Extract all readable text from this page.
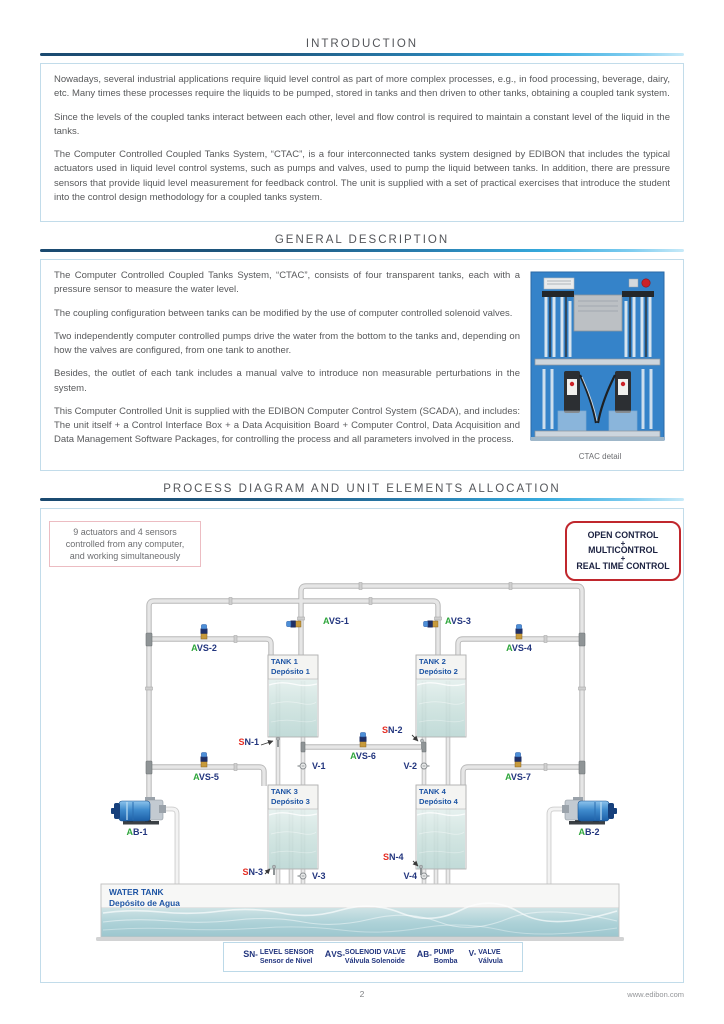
INTRODUCTION

Nowadays, several industrial applications require liquid level control as part of more complex processes, e.g., in food processing, beverage, dairy, etc. Many times these processes require the liquids to be pumped, stored in tanks and then driven to other tanks, obtaining a coupled tank system.

Since the levels of the coupled tanks interact between each other, level and flow control is required to maintain a constant level of the liquid in the tanks.

The Computer Controlled Coupled Tanks System, “CTAC”, is a four interconnected tanks system designed by EDIBON that includes the typical actuators used in liquid level control systems, such as pumps and valves, used to pump the liquid between tanks. In addition, there are pressure sensors that provide liquid level measurement for feedback control. The unit is supplied with a set of practical exercises that introduce the student into the control design methodology for a coupled tanks system.

GENERAL DESCRIPTION

The Computer Controlled Coupled Tanks System, “CTAC”, consists of four transparent tanks, each with a pressure sensor to measure the water level.

The coupling configuration between tanks can be modified by the use of computer controlled solenoid valves.

Two independently computer controlled pumps drive the water from the bottom to the tanks and, depending on how the valves are configured, from one tank to another.

Besides, the outlet of each tank includes a manual valve to introduce non measurable perturbations in the system.

This Computer Controlled Unit is supplied with the EDIBON Computer Control System (SCADA), and includes: The unit itself + a Control Interface Box + a Data Acquisition Board + Computer Control, Data Acquisition and Data Management Software Packages, for controlling the process and all parameters involved in the process.

CTAC detail
PROCESS DIAGRAM AND UNIT ELEMENTS ALLOCATION
9 actuators and 4 sensors
controlled from any computer,
and working simultaneously
OPEN CONTROL
+
MULTICONTROL
+
REAL TIME CONTROL
TANK 1
Depósito 1
TANK 2
Depósito 2
TANK 3
Depósito 3
TANK 4
Depósito 4
WATER TANK
Depósito de Agua
AVS-1
AVS-2
AVS-3
AVS-4
AVS-5
AVS-6
AVS-7
SN-1
SN-2
SN-3
SN-4
V-1	V-2
V-3	V-4
AB-1	AB-2
SN- LEVEL SENSOR
Sensor de Nivel
AVS- SOLENOID VALVE
Válvula Solenoide
AB- PUMP
Bomba
V- VALVE
Válvula
2	www.edibon.com
